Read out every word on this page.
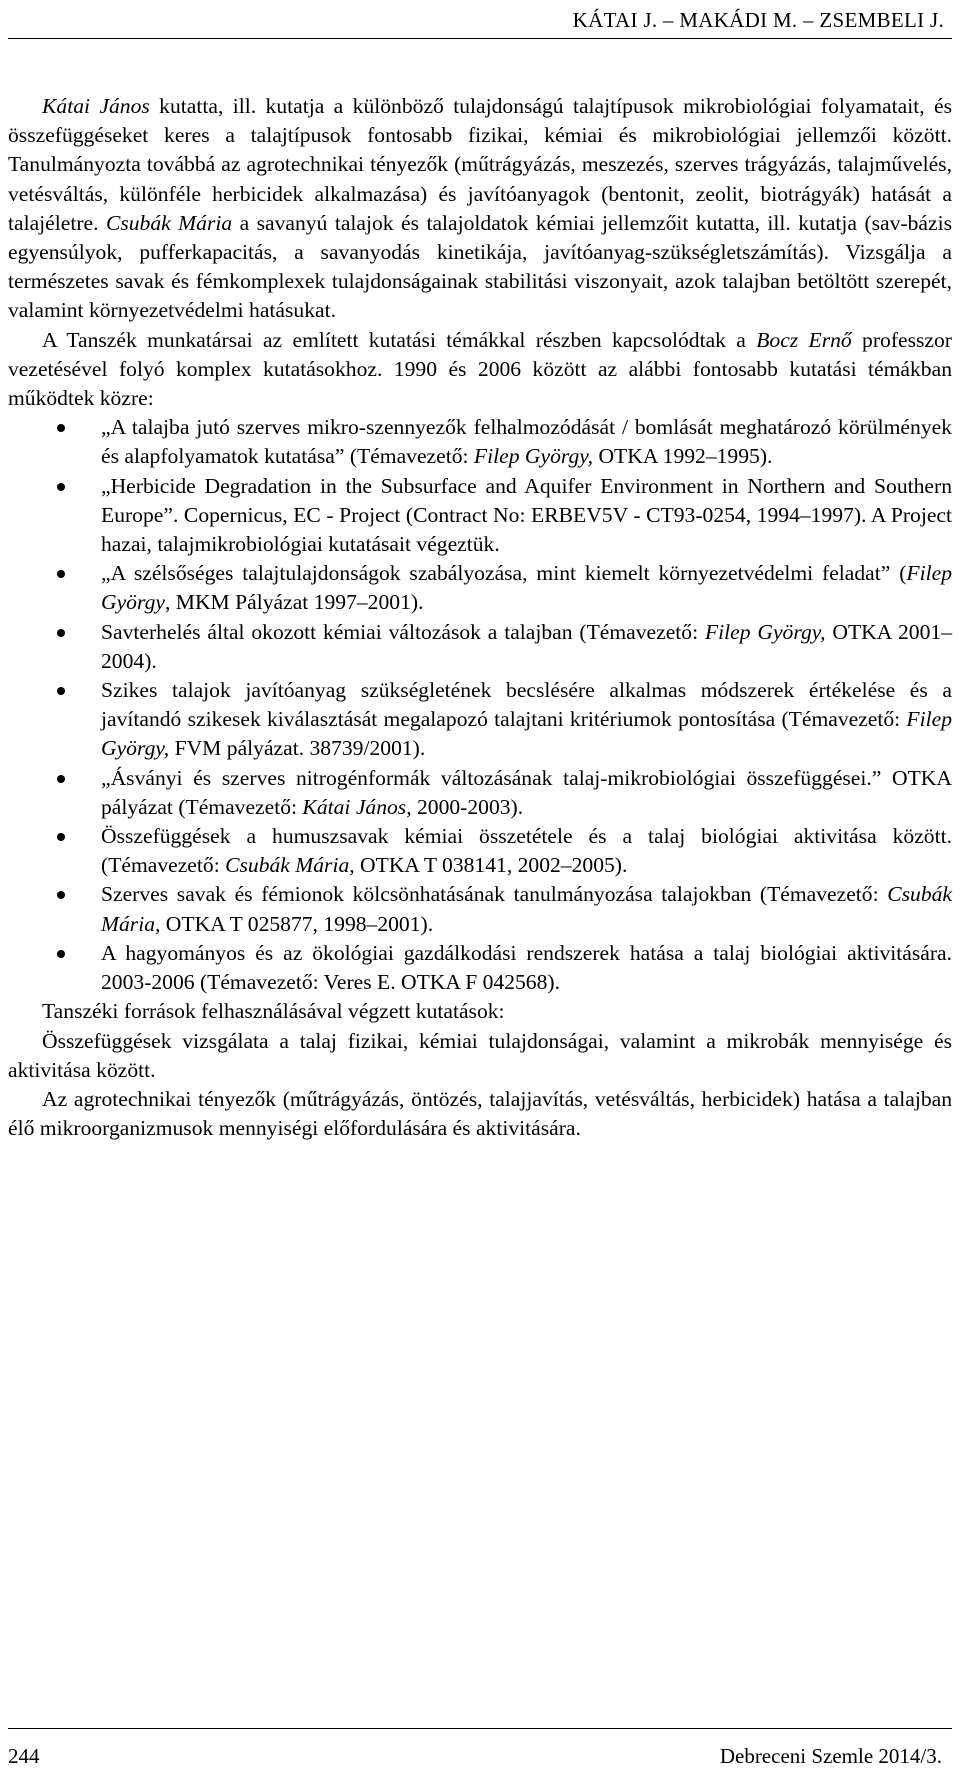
KÁTAI J. – MAKÁDI M. – ZSEMBELI J.

Kátai János kutatta, ill. kutatja a különböző tulajdonságú talajtípusok mikrobiológiai folyamatait, és összefüggéseket keres a talajtípusok fontosabb fizikai, kémiai és mikrobiológiai jellemzői között. Tanulmányozta továbbá az agrotechnikai tényezők (műtrágyázás, meszezés, szerves trágyázás, talajművelés, vetésváltás, különféle herbicidek alkalmazása) és javítóanyagok (bentonit, zeolit, biotrágyák) hatását a talajéletre. Csubák Mária a savanyú talajok és talajoldatok kémiai jellemzőit kutatta, ill. kutatja (sav-bázis egyensúlyok, pufferkapacitás, a savanyodás kinetikája, javítóanyag-szükségletszámítás). Vizsgálja a természetes savak és fémkomplexek tulajdonságainak stabilitási viszonyait, azok talajban betöltött szerepét, valamint környezetvédelmi hatásukat.

A Tanszék munkatársai az említett kutatási témákkal részben kapcsolódtak a Bocz Ernő professzor vezetésével folyó komplex kutatásokhoz. 1990 és 2006 között az alábbi fontosabb kutatási témákban működtek közre:

„A talajba jutó szerves mikro-szennyezők felhalmozódását / bomlását meghatározó körülmények és alapfolyamatok kutatása” (Témavezető: Filep György, OTKA 1992–1995).
„Herbicide Degradation in the Subsurface and Aquifer Environment in Northern and Southern Europe”. Copernicus, EC - Project (Contract No: ERBEV5V - CT93-0254, 1994–1997). A Project hazai, talajmikrobiológiai kutatásait végeztük.
„A szélsőséges talajtulajdonságok szabályozása, mint kiemelt környezetvédelmi feladat” (Filep György, MKM Pályázat 1997–2001).
Savterhelés által okozott kémiai változások a talajban (Témavezető: Filep György, OTKA 2001–2004).
Szikes talajok javítóanyag szükségletének becslésére alkalmas módszerek értékelése és a javítandó szikesek kiválasztását megalapozó talajtani kritériumok pontosítása (Témavezető: Filep György, FVM pályázat. 38739/2001).
„Ásványi és szerves nitrogénformák változásának talaj-mikrobiológiai összefüggései.” OTKA pályázat (Témavezető: Kátai János, 2000-2003).
Összefüggések a humuszsavak kémiai összetétele és a talaj biológiai aktivitása között. (Témavezető: Csubák Mária, OTKA T 038141, 2002–2005).
Szerves savak és fémionok kölcsönhatásának tanulmányozása talajokban (Témavezető: Csubák Mária, OTKA T 025877, 1998–2001).
A hagyományos és az ökológiai gazdálkodási rendszerek hatása a talaj biológiai aktivitására. 2003-2006 (Témavezető: Veres E. OTKA F 042568).

Tanszéki források felhasználásával végzett kutatások:

Összefüggések vizsgálata a talaj fizikai, kémiai tulajdonságai, valamint a mikrobák mennyisége és aktivitása között.

Az agrotechnikai tényezők (műtrágyázás, öntözés, talajjavítás, vetésváltás, herbicidek) hatása a talajban élő mikroorganizmusok mennyiségi előfordulására és aktivitására.

244	Debreceni Szemle 2014/3.
